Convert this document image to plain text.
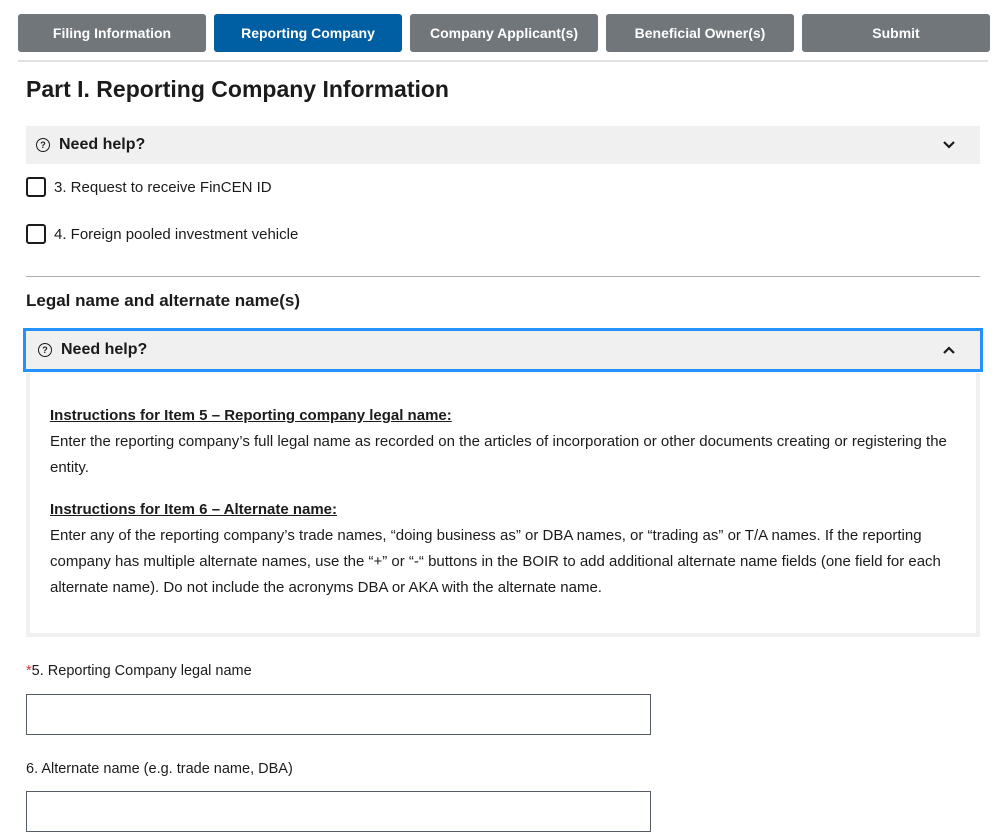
Filing Information	Reporting Company	Company Applicant(s)	Beneficial Owner(s)	Submit
Part I. Reporting Company Information
? Need help?
3. Request to receive FinCEN ID
4. Foreign pooled investment vehicle
Legal name and alternate name(s)
? Need help?
Instructions for Item 5 – Reporting company legal name:
Enter the reporting company’s full legal name as recorded on the articles of incorporation or other documents creating or registering the entity.
Instructions for Item 6 – Alternate name:
Enter any of the reporting company’s trade names, “doing business as” or DBA names, or “trading as” or T/A names. If the reporting company has multiple alternate names, use the “+” or “-“ buttons in the BOIR to add additional alternate name fields (one field for each alternate name). Do not include the acronyms DBA or AKA with the alternate name.
*5. Reporting Company legal name
6. Alternate name (e.g. trade name, DBA)
